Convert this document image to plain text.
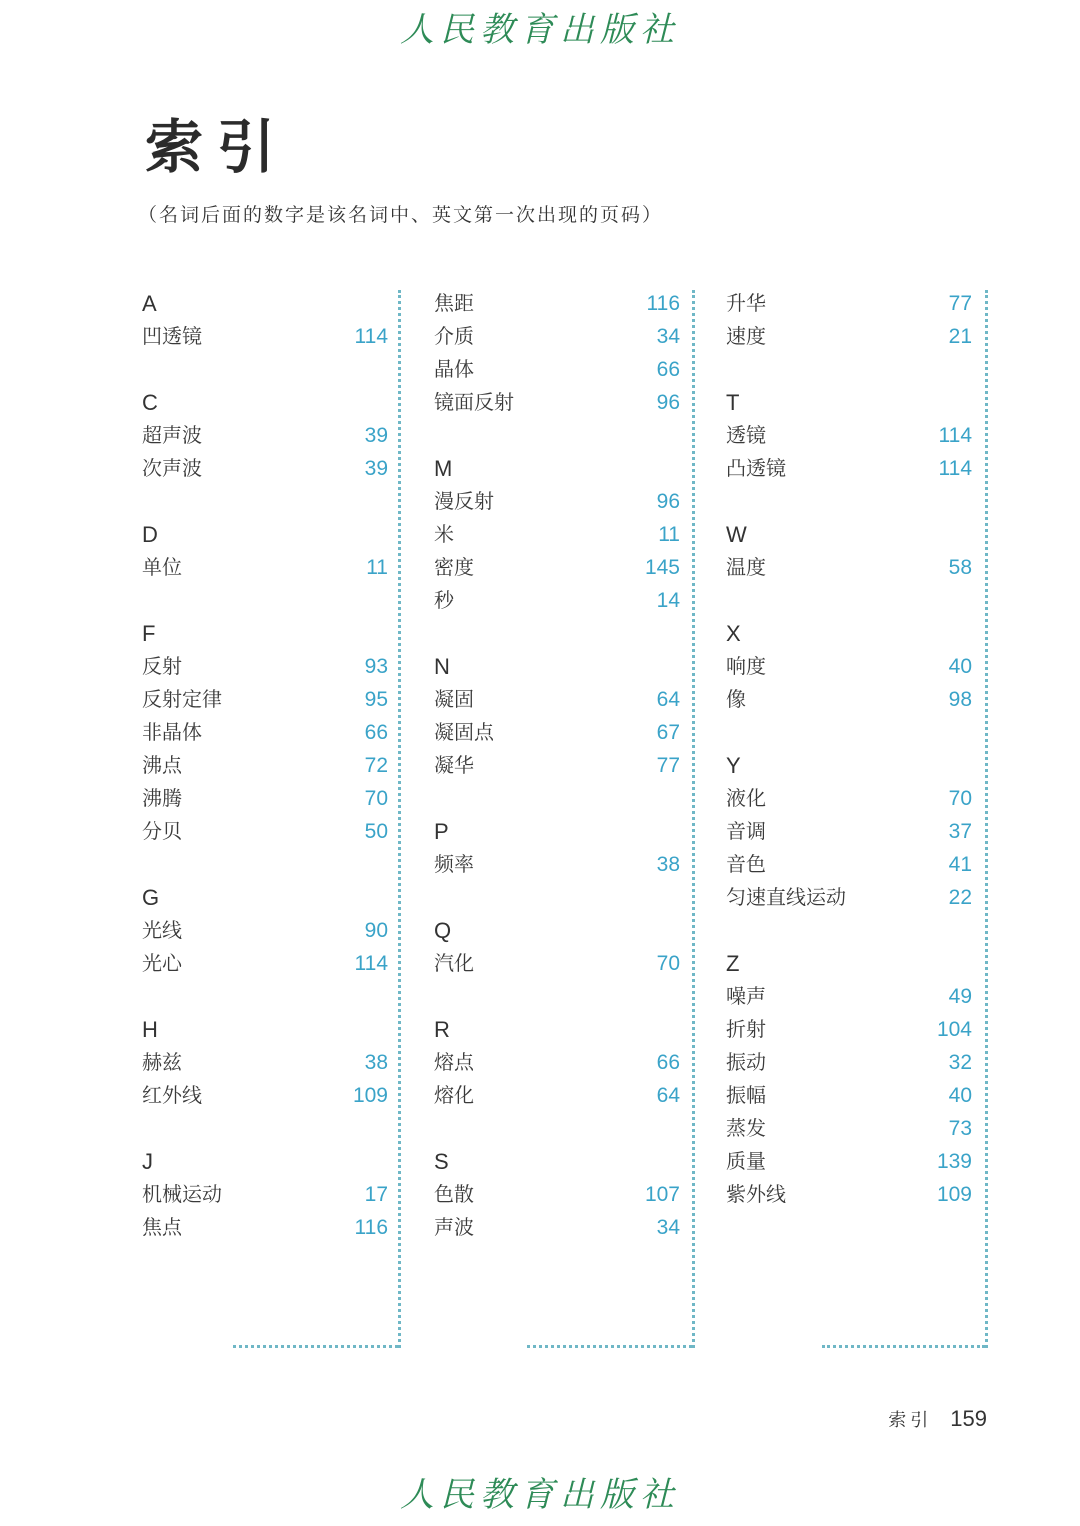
人民教育出版社
索引
（名词后面的数字是该名词中、英文第一次出现的页码）
A
凹透镜	114
C
超声波	39
次声波	39
D
单位	11
F
反射	93
反射定律	95
非晶体	66
沸点	72
沸腾	70
分贝	50
G
光线	90
光心	114
H
赫兹	38
红外线	109
J
机械运动	17
焦点	116
焦距	116
介质	34
晶体	66
镜面反射	96
M
漫反射	96
米	11
密度	145
秒	14
N
凝固	64
凝固点	67
凝华	77
P
频率	38
Q
汽化	70
R
熔点	66
熔化	64
S
色散	107
声波	34
升华	77
速度	21
T
透镜	114
凸透镜	114
W
温度	58
X
响度	40
像	98
Y
液化	70
音调	37
音色	41
匀速直线运动	22
Z
噪声	49
折射	104
振动	32
振幅	40
蒸发	73
质量	139
紫外线	109
索引 159
人民教育出版社
